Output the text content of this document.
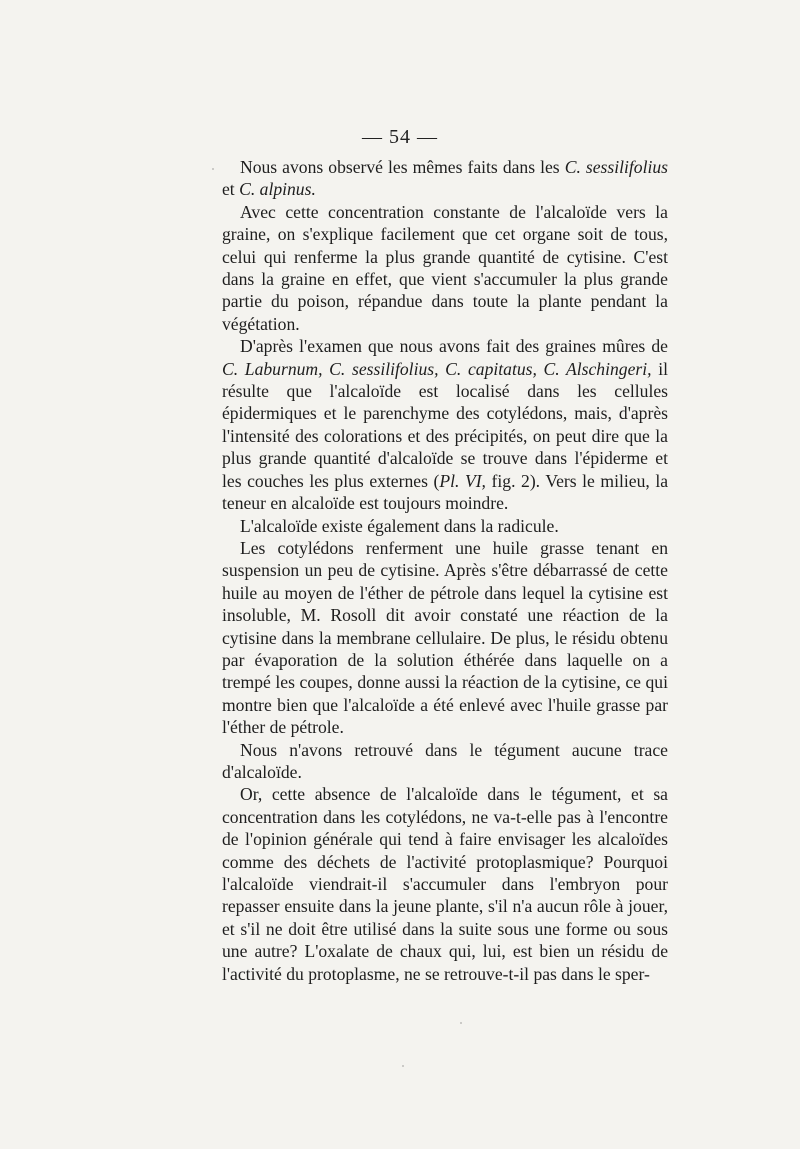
— 54 —

Nous avons observé les mêmes faits dans les C. sessilifolius et C. alpinus.

Avec cette concentration constante de l'alcaloïde vers la graine, on s'explique facilement que cet organe soit de tous, celui qui renferme la plus grande quantité de cytisine. C'est dans la graine en effet, que vient s'accumuler la plus grande partie du poison, répandue dans toute la plante pendant la végétation.

D'après l'examen que nous avons fait des graines mûres de C. Laburnum, C. sessilifolius, C. capitatus, C. Alschingeri, il résulte que l'alcaloïde est localisé dans les cellules épidermiques et le parenchyme des cotylédons, mais, d'après l'intensité des colorations et des précipités, on peut dire que la plus grande quantité d'alcaloïde se trouve dans l'épiderme et les couches les plus externes (Pl. VI, fig. 2). Vers le milieu, la teneur en alcaloïde est toujours moindre.

L'alcaloïde existe également dans la radicule.

Les cotylédons renferment une huile grasse tenant en suspension un peu de cytisine. Après s'être débarrassé de cette huile au moyen de l'éther de pétrole dans lequel la cytisine est insoluble, M. Rosoll dit avoir constaté une réaction de la cytisine dans la membrane cellulaire. De plus, le résidu obtenu par évaporation de la solution éthérée dans laquelle on a trempé les coupes, donne aussi la réaction de la cytisine, ce qui montre bien que l'alcaloïde a été enlevé avec l'huile grasse par l'éther de pétrole.

Nous n'avons retrouvé dans le tégument aucune trace d'alcaloïde.

Or, cette absence de l'alcaloïde dans le tégument, et sa concentration dans les cotylédons, ne va-t-elle pas à l'encontre de l'opinion générale qui tend à faire envisager les alcaloïdes comme des déchets de l'activité protoplasmique? Pourquoi l'alcaloïde viendrait-il s'accumuler dans l'embryon pour repasser ensuite dans la jeune plante, s'il n'a aucun rôle à jouer, et s'il ne doit être utilisé dans la suite sous une forme ou sous une autre? L'oxalate de chaux qui, lui, est bien un résidu de l'activité du protoplasme, ne se retrouve-t-il pas dans le sper-
